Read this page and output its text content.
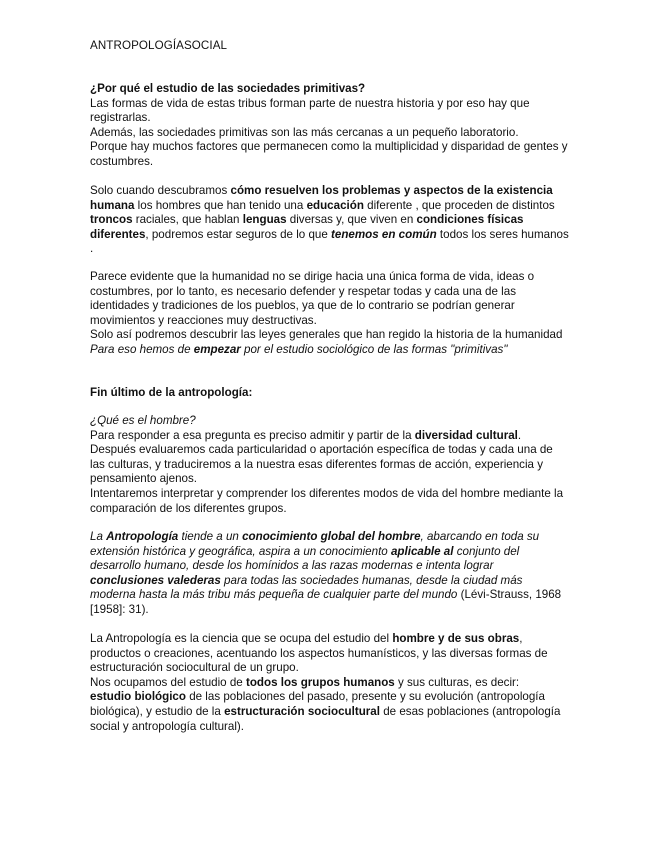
ANTROPOLOGÍASOCIAL

¿Por qué el estudio de las sociedades primitivas?

Las formas de vida de estas tribus forman parte de nuestra historia y por eso hay que registrarlas.

Además, las sociedades primitivas son las más cercanas a un pequeño laboratorio.

Porque hay muchos factores que permanecen como la multiplicidad y disparidad de gentes y costumbres.

Solo cuando descubramos cómo resuelven los problemas y aspectos de la existencia humana los hombres que han tenido una educación diferente , que proceden de distintos troncos raciales, que hablan lenguas diversas y, que viven en condiciones físicas diferentes, podremos estar seguros de lo que tenemos en común todos los seres humanos .

Parece evidente que la humanidad no se dirige hacia una única forma de vida, ideas o costumbres, por lo tanto, es necesario defender y respetar todas y cada una de las identidades y tradiciones de los pueblos, ya que de lo contrario se podrían generar movimientos y reacciones muy destructivas.

Solo así podremos descubrir las leyes generales que han regido la historia de la humanidad

Para eso hemos de empezar por el estudio sociológico de las formas "primitivas"

Fin último de la antropología:

¿Qué es el hombre?

Para responder a esa pregunta es preciso admitir y partir de la diversidad cultural.

Después evaluaremos cada particularidad o aportación específica de todas y cada una de las culturas, y traduciremos a la nuestra esas diferentes formas de acción, experiencia y pensamiento ajenos.

Intentaremos interpretar y comprender los diferentes modos de vida del hombre mediante la comparación de los diferentes grupos.

La Antropología tiende a un conocimiento global del hombre, abarcando en toda su extensión histórica y geográfica, aspira a un conocimiento aplicable al conjunto del desarrollo humano, desde los homínidos a las razas modernas e intenta lograr conclusiones valederas para todas las sociedades humanas, desde la ciudad más moderna hasta la más tribu más pequeña de cualquier parte del mundo (Lévi-Strauss, 1968 [1958]: 31).

La Antropología es la ciencia que se ocupa del estudio del hombre y de sus obras, productos o creaciones, acentuando los aspectos humanísticos, y las diversas formas de estructuración sociocultural de un grupo.

Nos ocupamos del estudio de todos los grupos humanos y sus culturas, es decir:
estudio biológico de las poblaciones del pasado, presente y su evolución (antropología biológica), y estudio de la estructuración sociocultural de esas poblaciones (antropología social y antropología cultural).
